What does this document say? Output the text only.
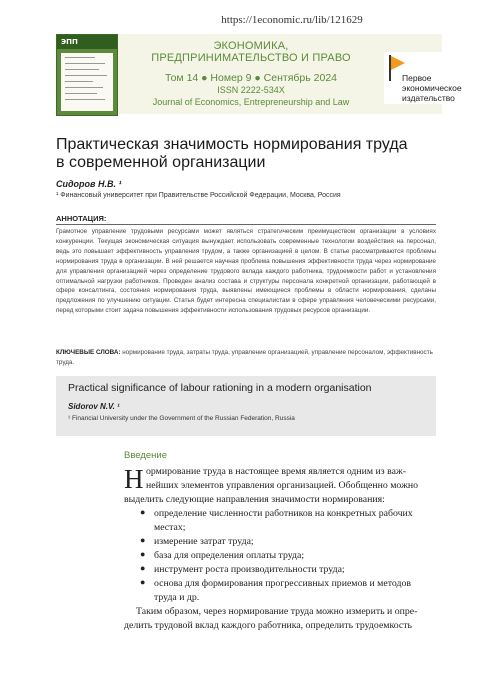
https://1economic.ru/lib/121629
ЭПП	ЭКОНОМИКА,
ПРЕДПРИНИМАТЕЛЬСТВО И ПРАВО
Том 14 ● Номер 9 ● Сентябрь 2024
ISSN 2222-534X
Journal of Economics, Entrepreneurship and Law
Первое
экономическое
издательство
Практическая значимость нормирования труда
в современной организации
Сидоров Н.В. ¹
¹ Финансовый университет при Правительстве Российской Федерации, Москва, Россия
АННОТАЦИЯ:
Грамотное управление трудовыми ресурсами может являться стратегическим преимуществом организации в условиях конкуренции. Текущая экономическая ситуация вынуждает использовать современные технологии воздействия на персонал, ведь это повышает эффективность управления трудом, а также организацией в целом. В статье рассматриваются проблемы нормирования труда в организации. В ней решается научная проблема повышения эффективности труда через нормирование для управления организацией через определение трудового вклада каждого работника, трудоемкости работ и установления оптимальной нагрузки работников. Проведен анализ состава и структуры персонала конкретной организации, работающей в сфере консалтинга, состояния нормирования труда, выявлены имеющиеся проблемы в области нормирования, сделаны предложения по улучшению ситуации. Статья будет интересна специалистам в сфере управления человеческими ресурсами, перед которыми стоит задача повышения эффективности использования трудовых ресурсов организации.
КЛЮЧЕВЫЕ СЛОВА: нормирование труда, затраты труда, управление организацией, управление персоналом, эффективность труда.
Practical significance of labour rationing in a modern organisation
Sidorov N.V. ¹
¹ Financial University under the Government of the Russian Federation, Russia
Введение
Н ормирование труда в настоящее время является одним из важ-
нейших элементов управления организацией. Обобщенно можно
выделить следующие направления значимости нормирования:
● определение численности работников на конкретных рабочих местах;
● измерение затрат труда;
● база для определения оплаты труда;
● инструмент роста производительности труда;
● основа для формирования прогрессивных приемов и методов труда и др.
Таким образом, через нормирование труда можно измерить и опре-
делить трудовой вклад каждого работника, определить трудоемкость
